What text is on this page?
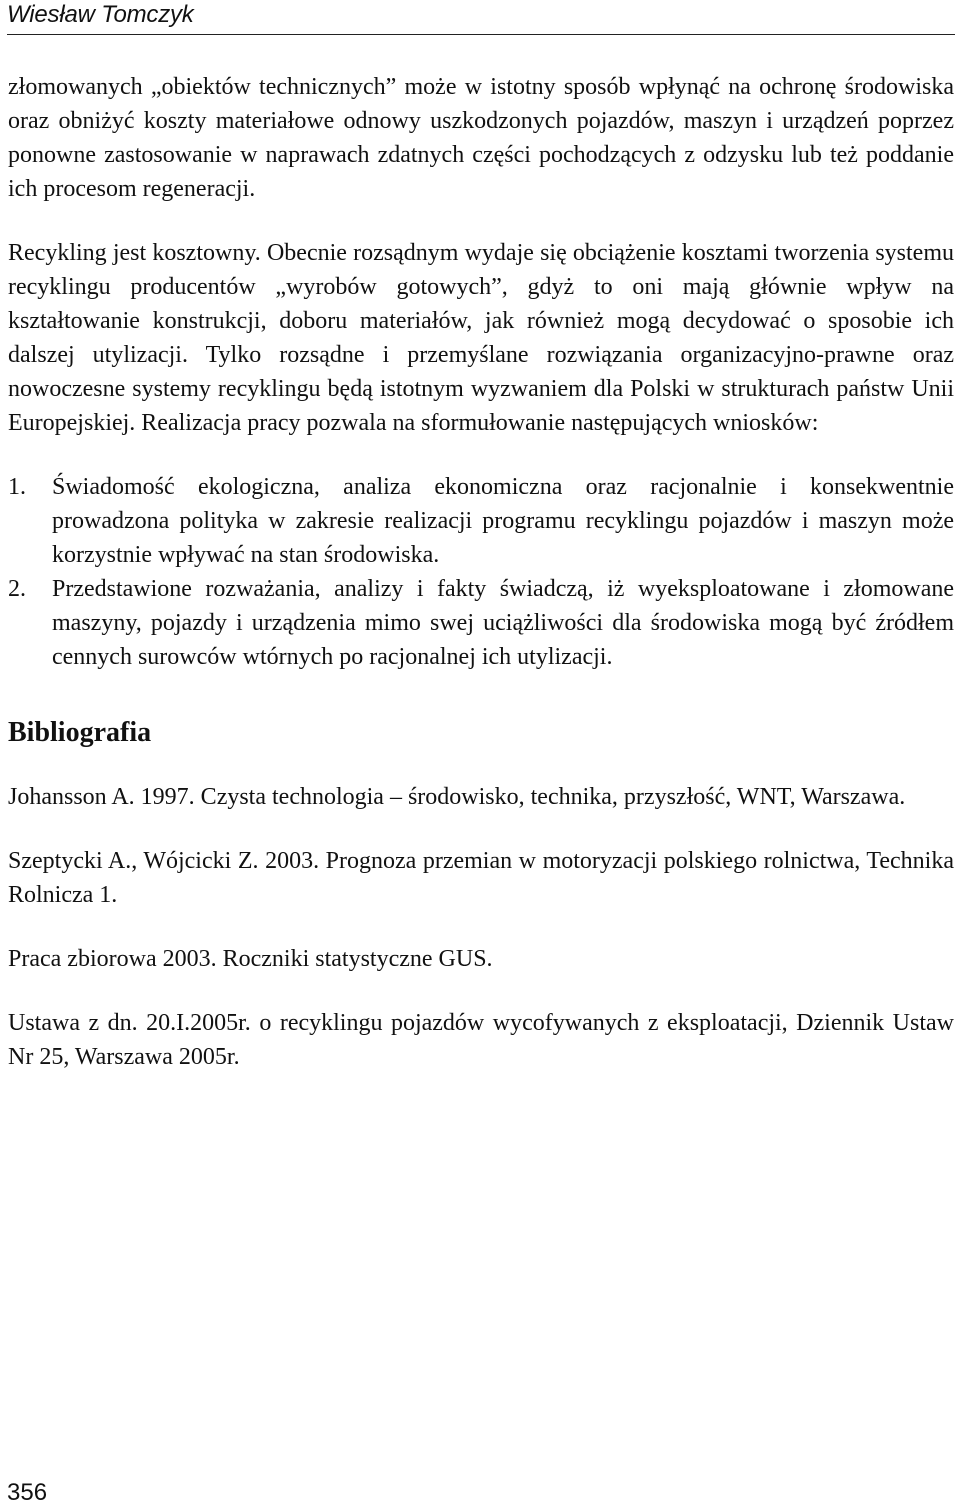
Wiesław Tomczyk

złomowanych „obiektów technicznych” może w istotny sposób wpłynąć na ochronę środowiska oraz obniżyć koszty materiałowe odnowy uszkodzonych pojazdów, maszyn i urządzeń poprzez ponowne zastosowanie w naprawach zdatnych części pochodzących z odzysku lub też poddanie ich procesom regeneracji.

Recykling jest kosztowny. Obecnie rozsądnym wydaje się obciążenie kosztami tworzenia systemu recyklingu producentów „wyrobów gotowych”, gdyż to oni mają głównie wpływ na kształtowanie konstrukcji, doboru materiałów, jak również mogą decydować o sposobie ich dalszej utylizacji. Tylko rozsądne i przemyślane rozwiązania organizacyjno-prawne oraz nowoczesne systemy recyklingu będą istotnym wyzwaniem dla Polski w strukturach państw Unii Europejskiej. Realizacja pracy pozwala na sformułowanie następujących wniosków:

1. Świadomość ekologiczna, analiza ekonomiczna oraz racjonalnie i konsekwentnie prowadzona polityka w zakresie realizacji programu recyklingu pojazdów i maszyn może korzystnie wpływać na stan środowiska.
2. Przedstawione rozważania, analizy i fakty świadczą, iż wyeksploatowane i złomowane maszyny, pojazdy i urządzenia mimo swej uciążliwości dla środowiska mogą być źródłem cennych surowców wtórnych po racjonalnej ich utylizacji.

Bibliografia

Johansson A. 1997. Czysta technologia – środowisko, technika, przyszłość, WNT, Warszawa.

Szeptycki A., Wójcicki Z. 2003. Prognoza przemian w motoryzacji polskiego rolnictwa, Technika Rolnicza 1.

Praca zbiorowa 2003. Roczniki statystyczne GUS.

Ustawa z dn. 20.I.2005r. o recyklingu pojazdów wycofywanych z eksploatacji, Dziennik Ustaw Nr 25, Warszawa 2005r.

356
